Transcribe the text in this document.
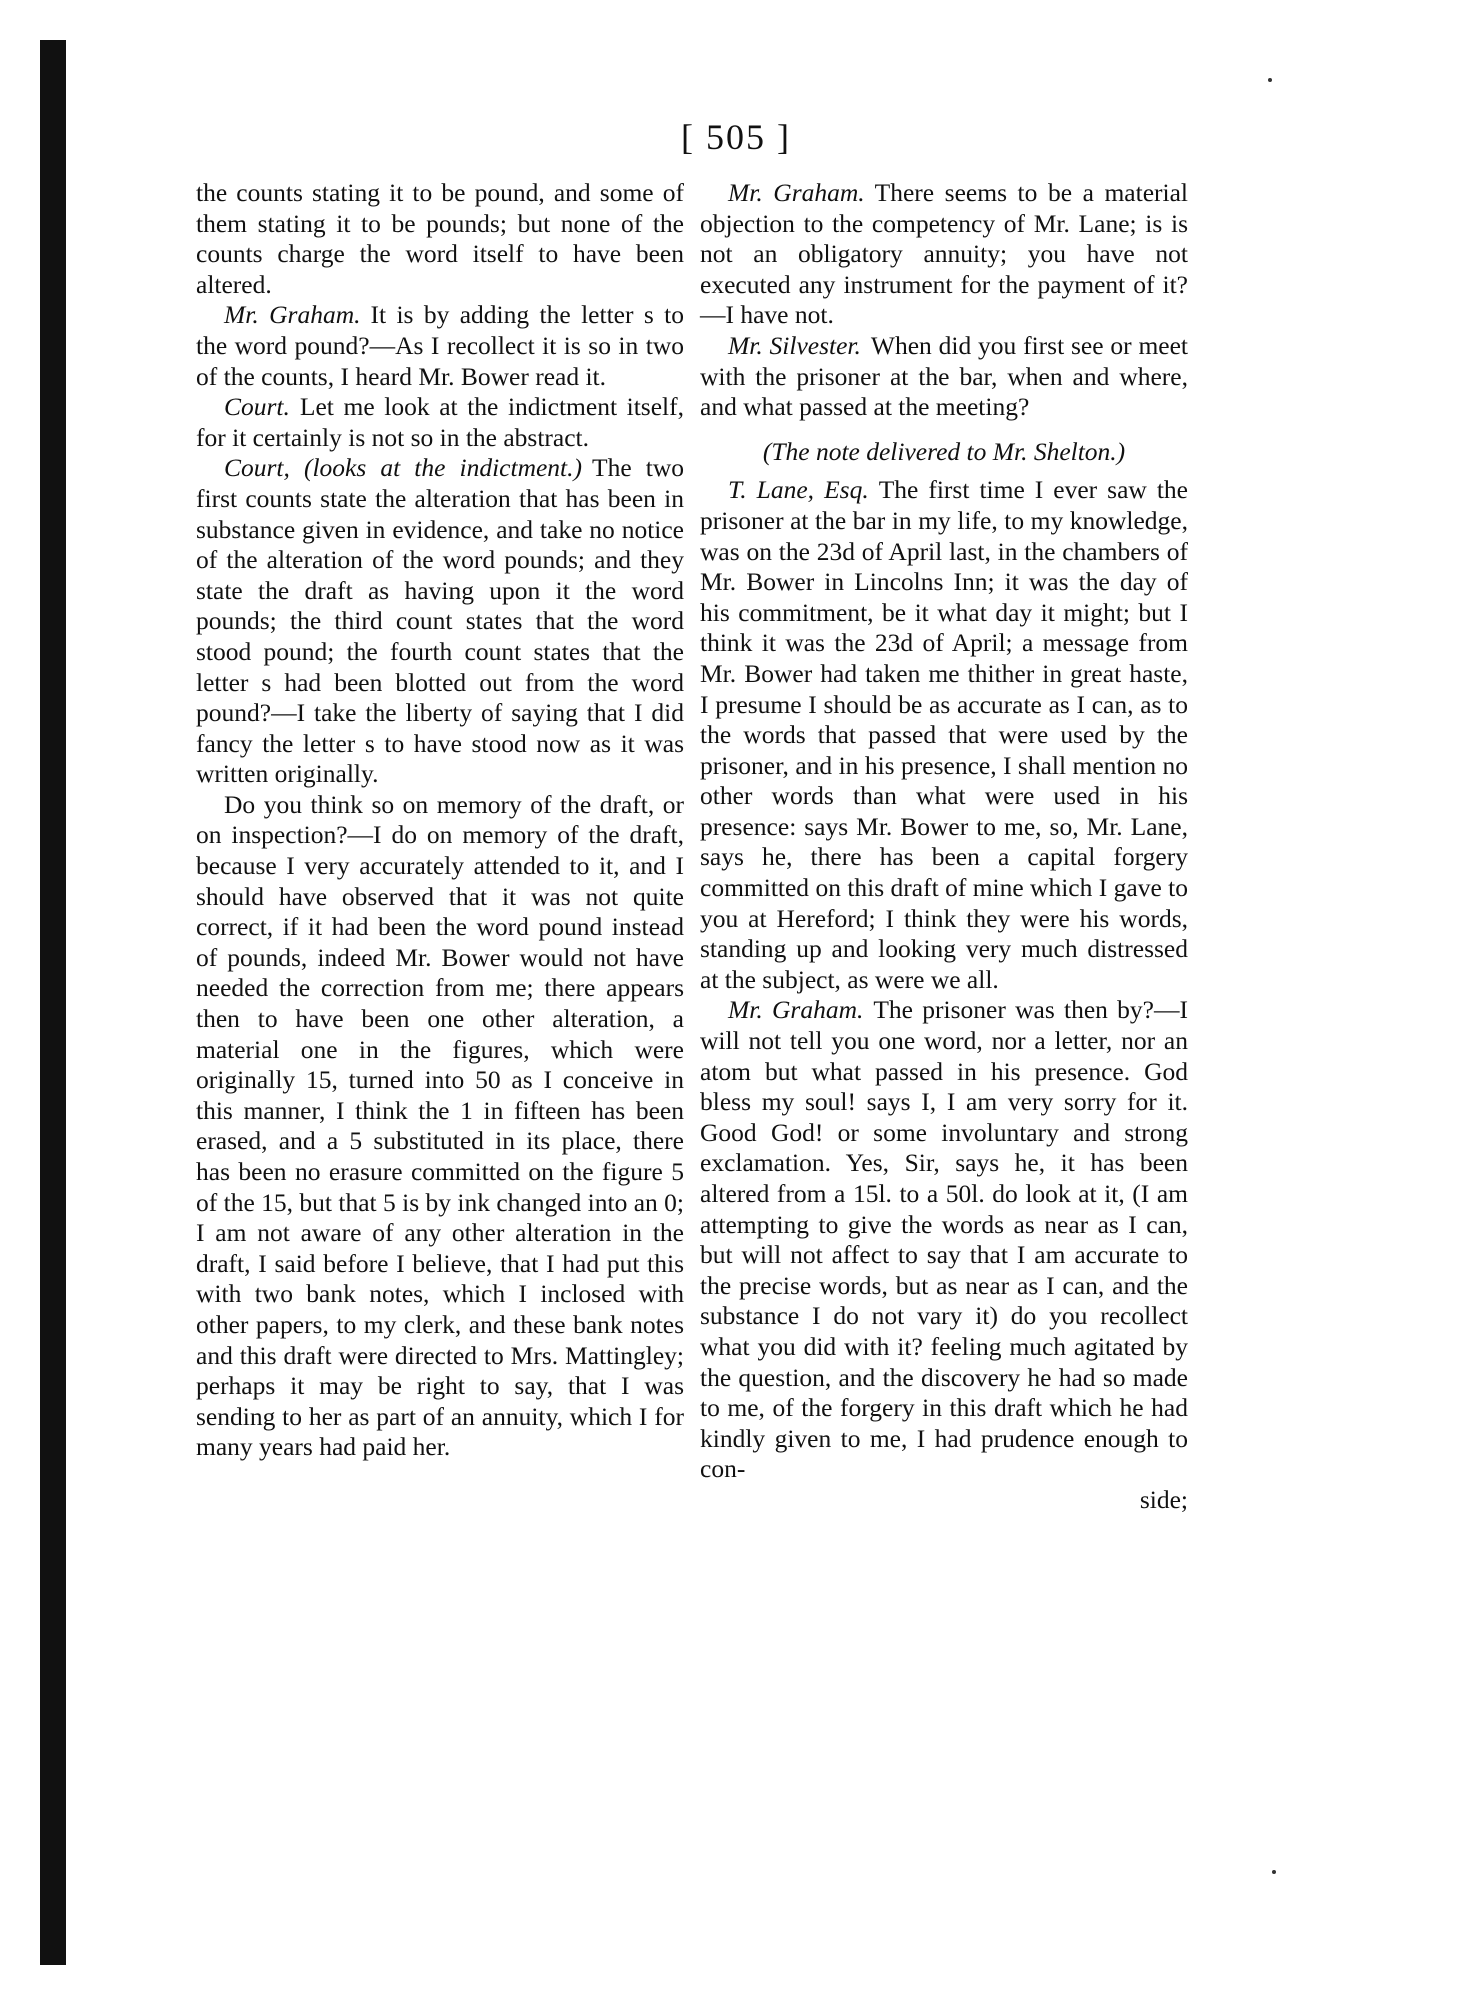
[ 505 ]

the counts stating it to be pound, and some of them stating it to be pounds; but none of the counts charge the word itself to have been altered.

Mr. Graham. It is by adding the letter s to the word pound?—As I recollect it is so in two of the counts, I heard Mr. Bower read it.

Court. Let me look at the indictment itself, for it certainly is not so in the abstract.

Court, (looks at the indictment.) The two first counts state the alteration that has been in substance given in evidence, and take no notice of the alteration of the word pounds; and they state the draft as having upon it the word pounds; the third count states that the word stood pound; the fourth count states that the letter s had been blotted out from the word pound?—I take the liberty of saying that I did fancy the letter s to have stood now as it was written originally.

Do you think so on memory of the draft, or on inspection?—I do on memory of the draft, because I very accurately attended to it, and I should have observed that it was not quite correct, if it had been the word pound instead of pounds, indeed Mr. Bower would not have needed the correction from me; there appears then to have been one other alteration, a material one in the figures, which were originally 15, turned into 50 as I conceive in this manner, I think the 1 in fifteen has been erased, and a 5 substituted in its place, there has been no erasure committed on the figure 5 of the 15, but that 5 is by ink changed into an 0; I am not aware of any other alteration in the draft, I said before I believe, that I had put this with two bank notes, which I inclosed with other papers, to my clerk, and these bank notes and this draft were directed to Mrs. Mattingley; perhaps it may be right to say, that I was sending to her as part of an annuity, which I for many years had paid her.

Mr. Graham. There seems to be a material objection to the competency of Mr. Lane; is is not an obligatory annuity; you have not executed any instrument for the payment of it?—I have not.

Mr. Silvester. When did you first see or meet with the prisoner at the bar, when and where, and what passed at the meeting?

(The note delivered to Mr. Shelton.)

T. Lane, Esq. The first time I ever saw the prisoner at the bar in my life, to my knowledge, was on the 23d of April last, in the chambers of Mr. Bower in Lincolns Inn; it was the day of his commitment, be it what day it might; but I think it was the 23d of April; a message from Mr. Bower had taken me thither in great haste, I presume I should be as accurate as I can, as to the words that passed that were used by the prisoner, and in his presence, I shall mention no other words than what were used in his presence: says Mr. Bower to me, so, Mr. Lane, says he, there has been a capital forgery committed on this draft of mine which I gave to you at Hereford; I think they were his words, standing up and looking very much distressed at the subject, as were we all.

Mr. Graham. The prisoner was then by?—I will not tell you one word, nor a letter, nor an atom but what passed in his presence. God bless my soul! says I, I am very sorry for it. Good God! or some involuntary and strong exclamation. Yes, Sir, says he, it has been altered from a 15l. to a 50l. do look at it, (I am attempting to give the words as near as I can, but will not affect to say that I am accurate to the precise words, but as near as I can, and the substance I do not vary it) do you recollect what you did with it? feeling much agitated by the question, and the discovery he had so made to me, of the forgery in this draft which he had kindly given to me, I had prudence enough to con-

side;
